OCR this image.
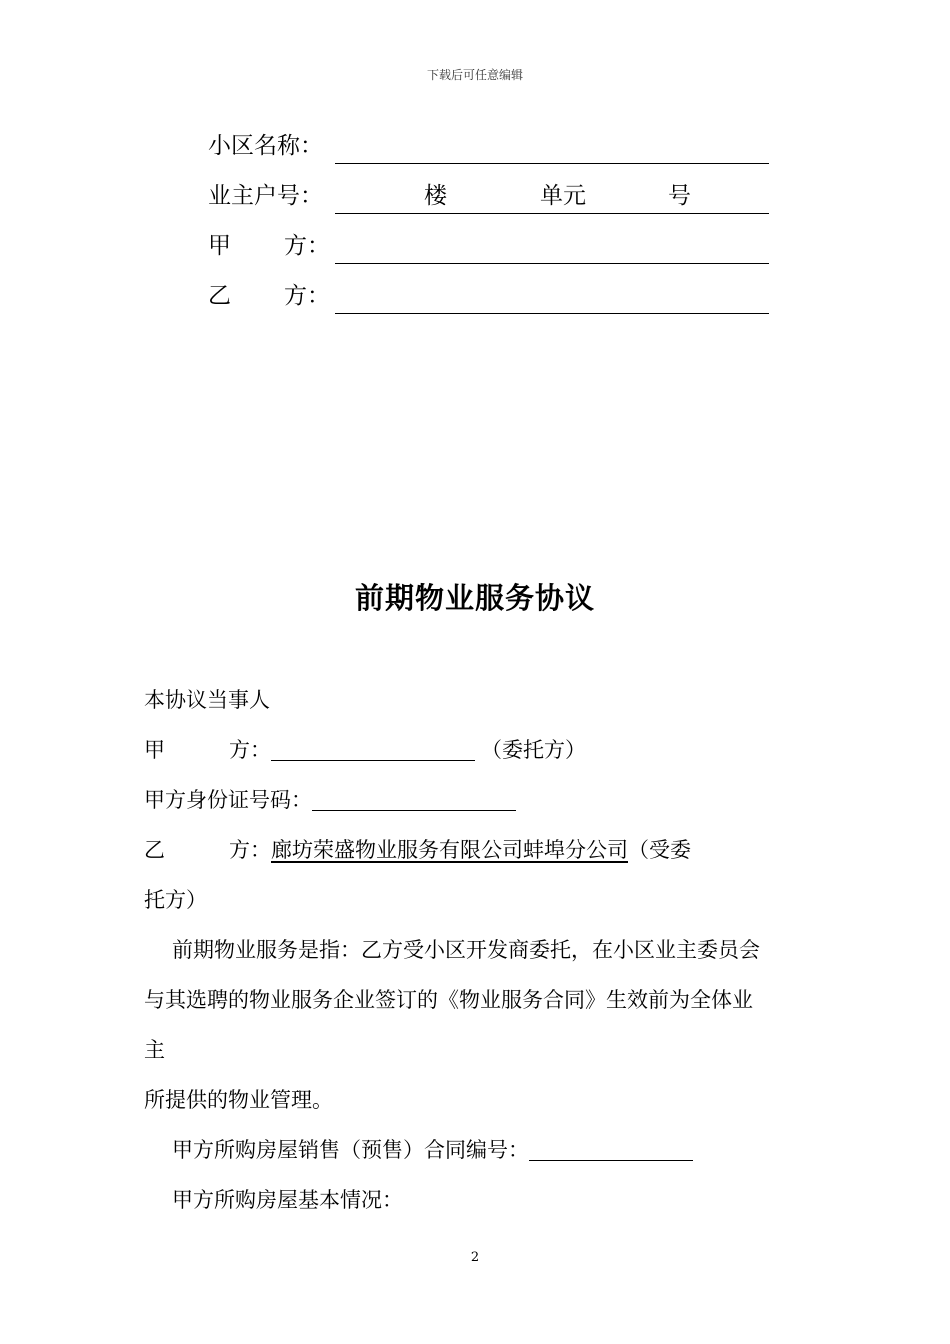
下载后可任意编辑
小区名称：
业主户号：	楼	单元	号
甲 方：
乙 方：
前期物业服务协议
本协议当事人
甲	方：	（委托方）
甲方身份证号码：
乙	方：廊坊荣盛物业服务有限公司蚌埠分公司（受委
托方）
前期物业服务是指：乙方受小区开发商委托，在小区业主委员会
与其选聘的物业服务企业签订的《物业服务合同》生效前为全体业
主
所提供的物业管理。
甲方所购房屋销售（预售）合同编号：
甲方所购房屋基本情况：
2
